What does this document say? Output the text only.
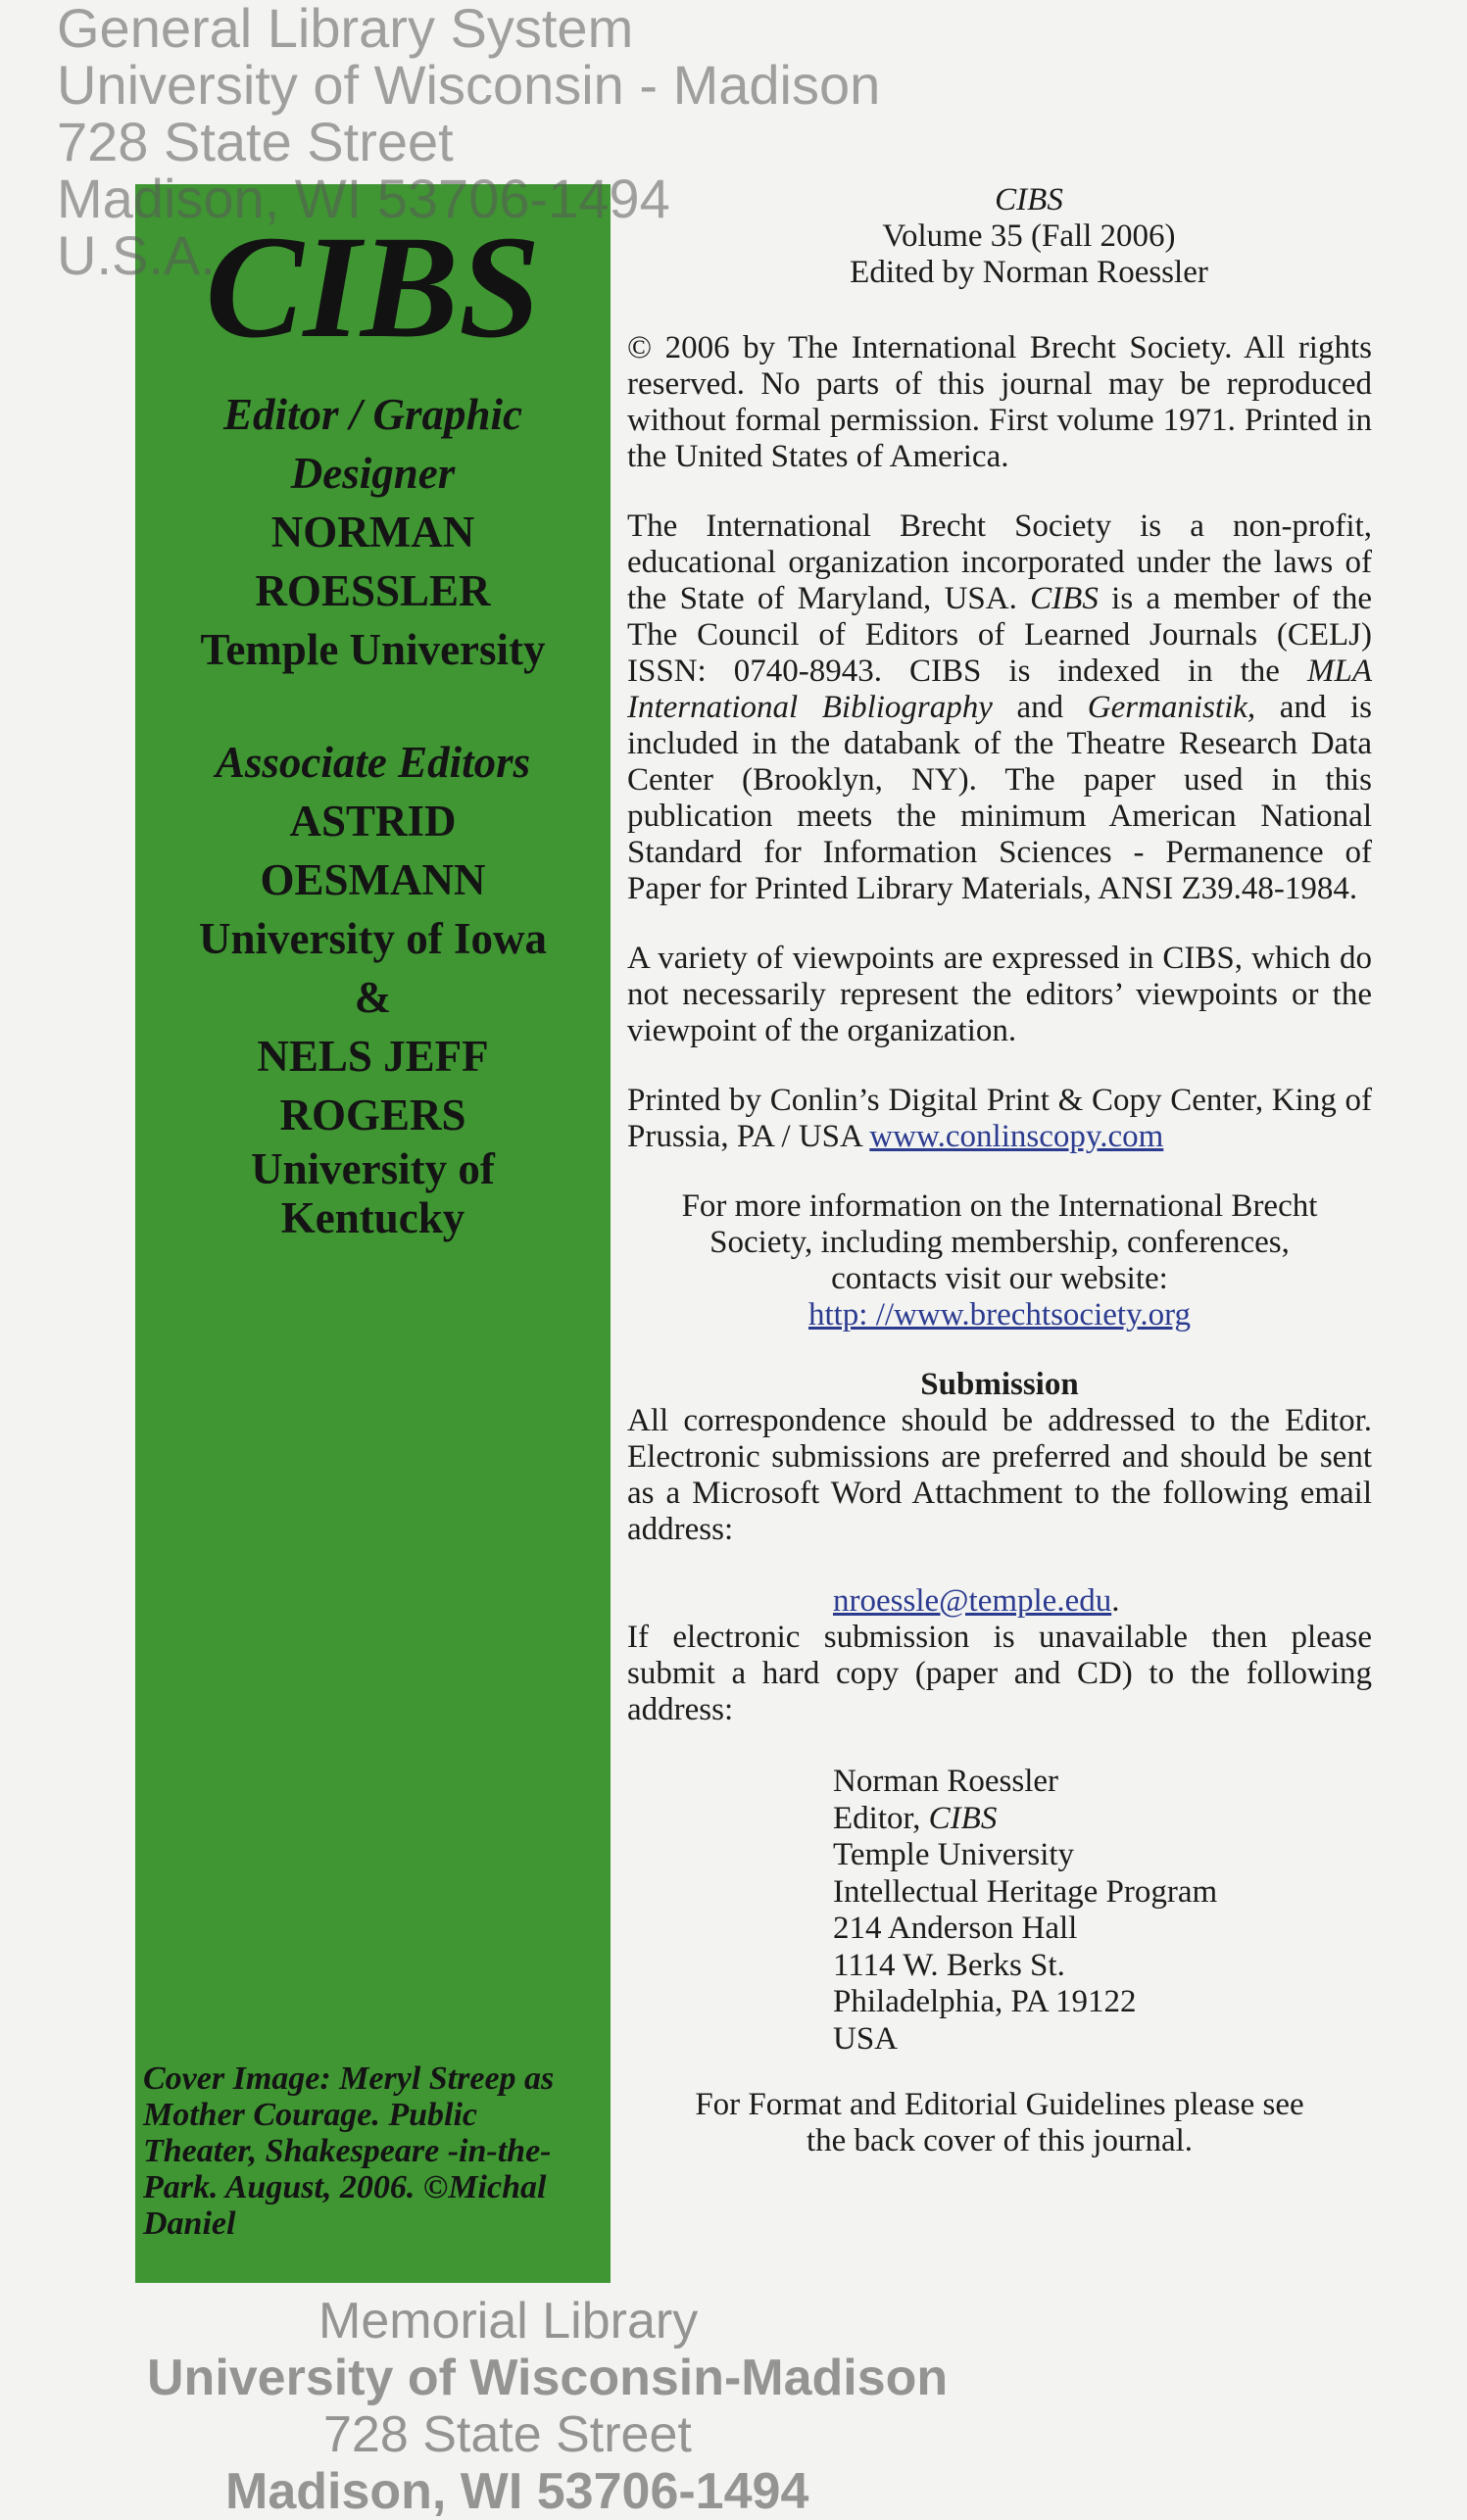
General Library System
University of Wisconsin - Madison
728 State Street
Madison, WI 53706-1494
U.S.A.
CIBS
Editor / Graphic Designer
NORMAN
ROESSLER
Temple University
Associate Editors
ASTRID
OESMANN
University of Iowa
&
NELS JEFF
ROGERS
University of
Kentucky
Cover Image: Meryl Streep as Mother Courage. Public Theater, Shakespeare -in-the-Park. August, 2006. ©Michal Daniel
CIBS
Volume 35 (Fall 2006)
Edited by Norman Roessler
© 2006 by The International Brecht Society. All rights reserved. No parts of this journal may be reproduced without formal permission. First volume 1971. Printed in the United States of America.
The International Brecht Society is a non-profit, educational organization incorporated under the laws of the State of Maryland, USA. CIBS is a member of the The Council of Editors of Learned Journals (CELJ) ISSN: 0740-8943. CIBS is indexed in the MLA International Bibliography and Germanistik, and is included in the databank of the Theatre Research Data Center (Brooklyn, NY). The paper used in this publication meets the minimum American National Standard for Information Sciences - Permanence of Paper for Printed Library Materials, ANSI Z39.48-1984.
A variety of viewpoints are expressed in CIBS, which do not necessarily represent the editors’ viewpoints or the viewpoint of the organization.
Printed by Conlin’s Digital Print & Copy Center, King of Prussia, PA / USA www.conlinscopy.com
For more information on the International Brecht
Society, including membership, conferences,
contacts visit our website:
http: //www.brechtsociety.org
Submission
All correspondence should be addressed to the Editor. Electronic submissions are preferred and should be sent as a Microsoft Word Attachment to the following email address:
nroessle@temple.edu.
If electronic submission is unavailable then please submit a hard copy (paper and CD) to the following address:
Norman Roessler
Editor, CIBS
Temple University
Intellectual Heritage Program
214 Anderson Hall
1114 W. Berks St.
Philadelphia, PA 19122
USA
For Format and Editorial Guidelines please see
the back cover of this journal.
Memorial Library
University of Wisconsin-Madison
728 State Street
Madison, WI 53706-1494
